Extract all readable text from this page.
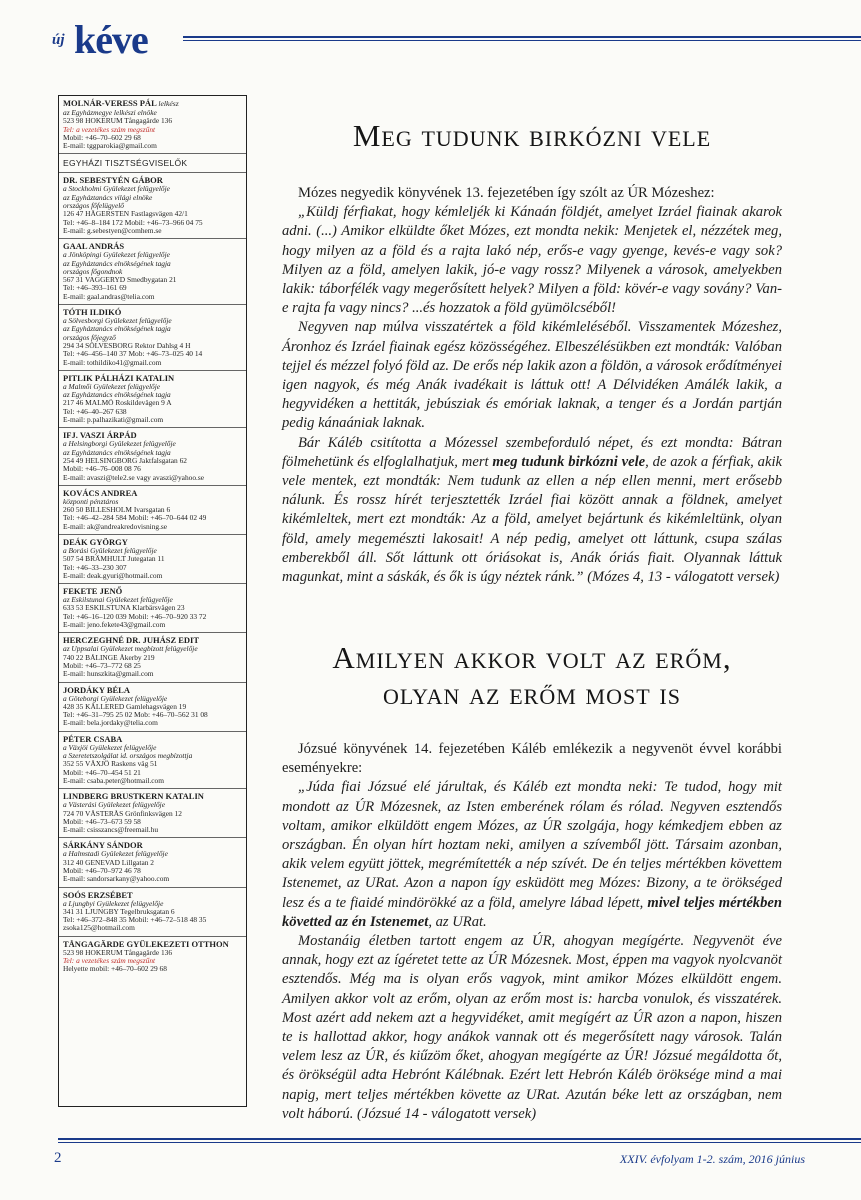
új kéve
MOLNÁR-VERESS PÁL lelkész
az Egyházmegye lelkészi elnöke
523 98 HOKERUM Tångagärde 136
Tel: a vezetékes szám megszűnt
Mobil: +46–70–602 29 68
E-mail: tggparokia@gmail.com
EGYHÁZI TISZTSÉGVISELŐK
DR. SEBESTYÉN GÁBOR
a Stockholmi Gyülekezet felügyelője
az Egyháztanács világi elnöke
országos főfelügyelő
126 47 HÄGERSTEN Fastlagsvägen 42/1
Tel: +46–8–184 172 Mobil: +46–73–966 04 75
E-mail: g.sebestyen@comhem.se
GAAL ANDRÁS
a Jönköpingi Gyülekezet felügyelője
az Egyháztanács elnökségének tagja
országos főgondnok
567 31 VAGGERYD Smedbygatan 21
Tel: +46–393–161 69
E-mail: gaal.andras@telia.com
TÓTH ILDIKÓ
a Sölvesborgi Gyülekezet felügyelője
az Egyháztanács elnökségének tagja
országos főjegyző
294 34 SÖLVESBORG Rektor Dahlsg 4 H
Tel: +46–456–140 37 Mob: +46–73–025 40 14
E-mail: tothildiko41@gmail.com
PITLIK PÁLHÁZI KATALIN
a Malmői Gyülekezet felügyelője
az Egyháztanács elnökségének tagja
217 46 MALMÖ Roskildevägen 9 A
Tel: +46–40–267 638
E-mail: p.palhazikati@gmail.com
IFJ. VASZI ÁRPÁD
a Helsingborgi Gyülekezet felügyelője
az Egyháztanács elnökségének tagja
254 49 HELSINGBORG Jaktfalsgatan 62
Mobil: +46–76–008 08 76
E-mail: avaszi@tele2.se vagy avaszi@yahoo.se
KOVÁCS ANDREA
központi pénztáros
260 50 BILLESHOLM Ivarsgatan 6
Tel: +46–42–284 584 Mobil: +46–70–644 02 49
E-mail: ak@andreakredovisning.se
DEÁK GYÖRGY
a Borási Gyülekezet felügyelője
507 54 BRÄMHULT Jutegatan 11
Tel: +46–33–230 307
E-mail: deak.gyuri@hotmail.com
FEKETE JENŐ
az Eskilstunai Gyülekezet felügyelője
633 53 ESKILSTUNA Klarbärsvägen 23
Tel: +46–16–120 039 Mobil: +46–70–920 33 72
E-mail: jeno.fekete43@gmail.com
HERCZEGHNÉ DR. JUHÁSZ EDIT
az Uppsalai Gyülekezet megbízott felügyelője
740 22 BÅLINGE Åkerby 219
Mobil: +46–73–772 68 25
E-mail: hunszkita@gmail.com
JORDÁKY BÉLA
a Göteborgi Gyülekezet felügyelője
428 35 KÅLLERED Gamlehagsvägen 19
Tel: +46–31–795 25 02 Mob: +46–70–562 31 08
E-mail: bela.jordaky@telia.com
PÉTER CSABA
a Växjöi Gyülekezet felügyelője
a Szeretetszolgálat id. országos megbízottja
352 55 VÄXJÖ Raskens väg 51
Mobil: +46–70–454 51 21
E-mail: csaba.peter@hotmail.com
LINDBERG BRUSTKERN KATALIN
a Västerási Gyülekezet felügyelője
724 70 VÄSTERÅS Grönfinksvägen 12
Mobil: +46–73–673 59 58
E-mail: csisszancs@freemail.hu
SÁRKÁNY SÁNDOR
a Halmstadi Gyülekezet felügyelője
312 40 GENEVAD Lillgatan 2
Mobil: +46–70–972 46 78
E-mail: sandorsarkany@yahoo.com
SOÓS ERZSÉBET
a Ljungbyi Gyülekezet felügyelője
341 31 LJUNGBY Tegelbruksgatan 6
Tel: +46–372–848 35 Mobil: +46–72–518 48 35
zsoka125@hotmail.com
TÅNGAGÄRDE GYÜLEKEZETI OTTHON
523 98 HOKERUM Tångagärde 136
Tel: a vezetékes szám megszűnt
Helyette mobil: +46–70–602 29 68
Meg tudunk birkózni vele
Mózes negyedik könyvének 13. fejezetében így szólt az ÚR Mózeshez:
„Küldj férfiakat, hogy kémleljék ki Kánaán földjét, amelyet Izráel fiainak akarok adni. (...) Amikor elküldte őket Mózes, ezt mondta nekik: Menjetek el, nézzétek meg, hogy milyen az a föld és a rajta lakó nép, erős-e vagy gyenge, kevés-e vagy sok? Milyen az a föld, amelyen lakik, jó-e vagy rossz? Milyenek a városok, amelyekben lakik: táborfélék vagy megerősített helyek? Milyen a föld: kövér-e vagy sovány? Van-e rajta fa vagy nincs? ...és hozzatok a föld gyümölcséből!
Negyven nap múlva visszatértek a föld kikémleléséből. Visszamentek Mózeshez, Áronhoz és Izráel fiainak egész közösségéhez. Elbeszélésükben ezt mondták: Valóban tejjel és mézzel folyó föld az. De erős nép lakik azon a földön, a városok erődítményei igen nagyok, és még Anák ivadékait is láttuk ott! A Délvidéken Amálék lakik, a hegyvidéken a hettiták, jebúsziak és emóriak laknak, a tenger és a Jordán partján pedig kánaániak laknak.
Bár Káléb csitította a Mózessel szembeforduló népet, és ezt mondta: Bátran fölmehetünk és elfoglalhatjuk, mert meg tudunk birkózni vele, de azok a férfiak, akik vele mentek, ezt mondták: Nem tudunk az ellen a nép ellen menni, mert erősebb nálunk. És rossz hírét terjesztették Izráel fiai között annak a földnek, amelyet kikémleltek, mert ezt mondták: Az a föld, amelyet bejártunk és kikémleltünk, olyan föld, amely megemészti lakosait! A nép pedig, amelyet ott láttunk, csupa szálas emberekből áll. Sőt láttunk ott óriásokat is, Anák óriás fiait. Olyannak láttuk magunkat, mint a sáskák, és ők is úgy néztek ránk.” (Mózes 4, 13 - válogatott versek)
Amilyen akkor volt az erőm,
olyan az erőm most is
Józsué könyvének 14. fejezetében Káléb emlékezik a negyvenöt évvel korábbi eseményekre:
„Júda fiai Józsué elé járultak, és Káléb ezt mondta neki: Te tudod, hogy mit mondott az ÚR Mózesnek, az Isten emberének rólam és rólad. Negyven esztendős voltam, amikor elküldött engem Mózes, az ÚR szolgája, hogy kémkedjem ebben az országban. Én olyan hírt hoztam neki, amilyen a szívemből jött. Társaim azonban, akik velem együtt jöttek, megrémítették a nép szívét. De én teljes mértékben követtem Istenemet, az URat. Azon a napon így esküdött meg Mózes: Bizony, a te örökséged lesz és a te fiaidé mindörökké az a föld, amelyre lábad lépett, mivel teljes mértékben követted az én Istenemet, az URat.
Mostanáig életben tartott engem az ÚR, ahogyan megígérte. Negyvenöt éve annak, hogy ezt az ígéretet tette az ÚR Mózesnek. Most, éppen ma vagyok nyolcvanöt esztendős. Még ma is olyan erős vagyok, mint amikor Mózes elküldött engem. Amilyen akkor volt az erőm, olyan az erőm most is: harcba vonulok, és visszatérek. Most azért add nekem azt a hegyvidéket, amit megígért az ÚR azon a napon, hiszen te is hallottad akkor, hogy anákok vannak ott és megerősített nagy városok. Talán velem lesz az ÚR, és kiűzöm őket, ahogyan megígérte az ÚR! Józsué megáldotta őt, és örökségül adta Hebrónt Kálébnak. Ezért lett Hebrón Káléb öröksége mind a mai napig, mert teljes mértékben követte az URat. Azután béke lett az országban, nem volt háború. (Józsué 14 - válogatott versek)
2	XXIV. évfolyam 1-2. szám, 2016 június
